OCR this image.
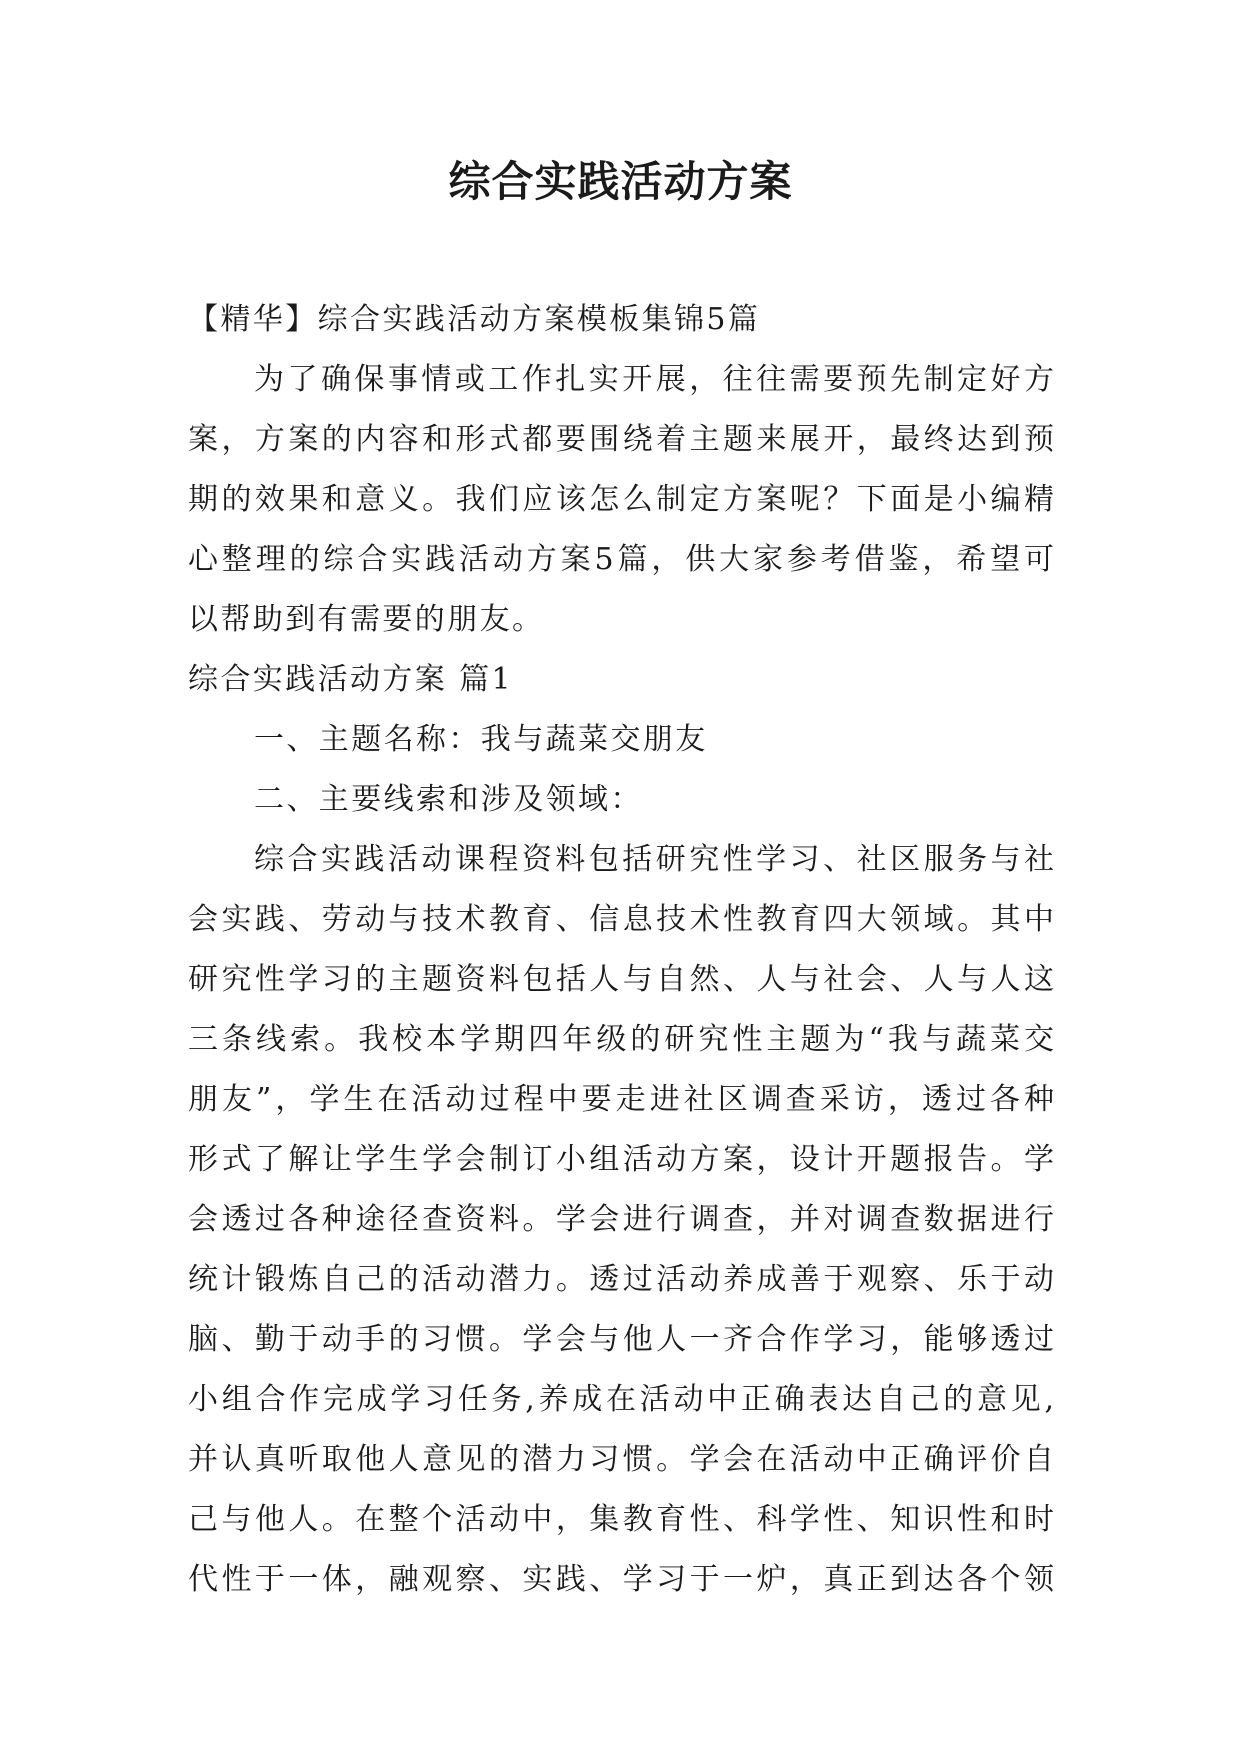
综合实践活动方案

【精华】综合实践活动方案模板集锦5篇

为了确保事情或工作扎实开展，往往需要预先制定好方

案，方案的内容和形式都要围绕着主题来展开，最终达到预

期的效果和意义。我们应该怎么制定方案呢？下面是小编精

心整理的综合实践活动方案5篇，供大家参考借鉴，希望可

以帮助到有需要的朋友。

综合实践活动方案 篇1

一、主题名称：我与蔬菜交朋友

二、主要线索和涉及领域：

综合实践活动课程资料包括研究性学习、社区服务与社

会实践、劳动与技术教育、信息技术性教育四大领域。其中

研究性学习的主题资料包括人与自然、人与社会、人与人这

三条线索。我校本学期四年级的研究性主题为“我与蔬菜交

朋友”，学生在活动过程中要走进社区调查采访，透过各种

形式了解让学生学会制订小组活动方案，设计开题报告。学

会透过各种途径查资料。学会进行调查，并对调查数据进行

统计锻炼自己的活动潜力。透过活动养成善于观察、乐于动

脑、勤于动手的习惯。学会与他人一齐合作学习，能够透过

小组合作完成学习任务,养成在活动中正确表达自己的意见,

并认真听取他人意见的潜力习惯。学会在活动中正确评价自

己与他人。在整个活动中，集教育性、科学性、知识性和时

代性于一体，融观察、实践、学习于一炉，真正到达各个领
